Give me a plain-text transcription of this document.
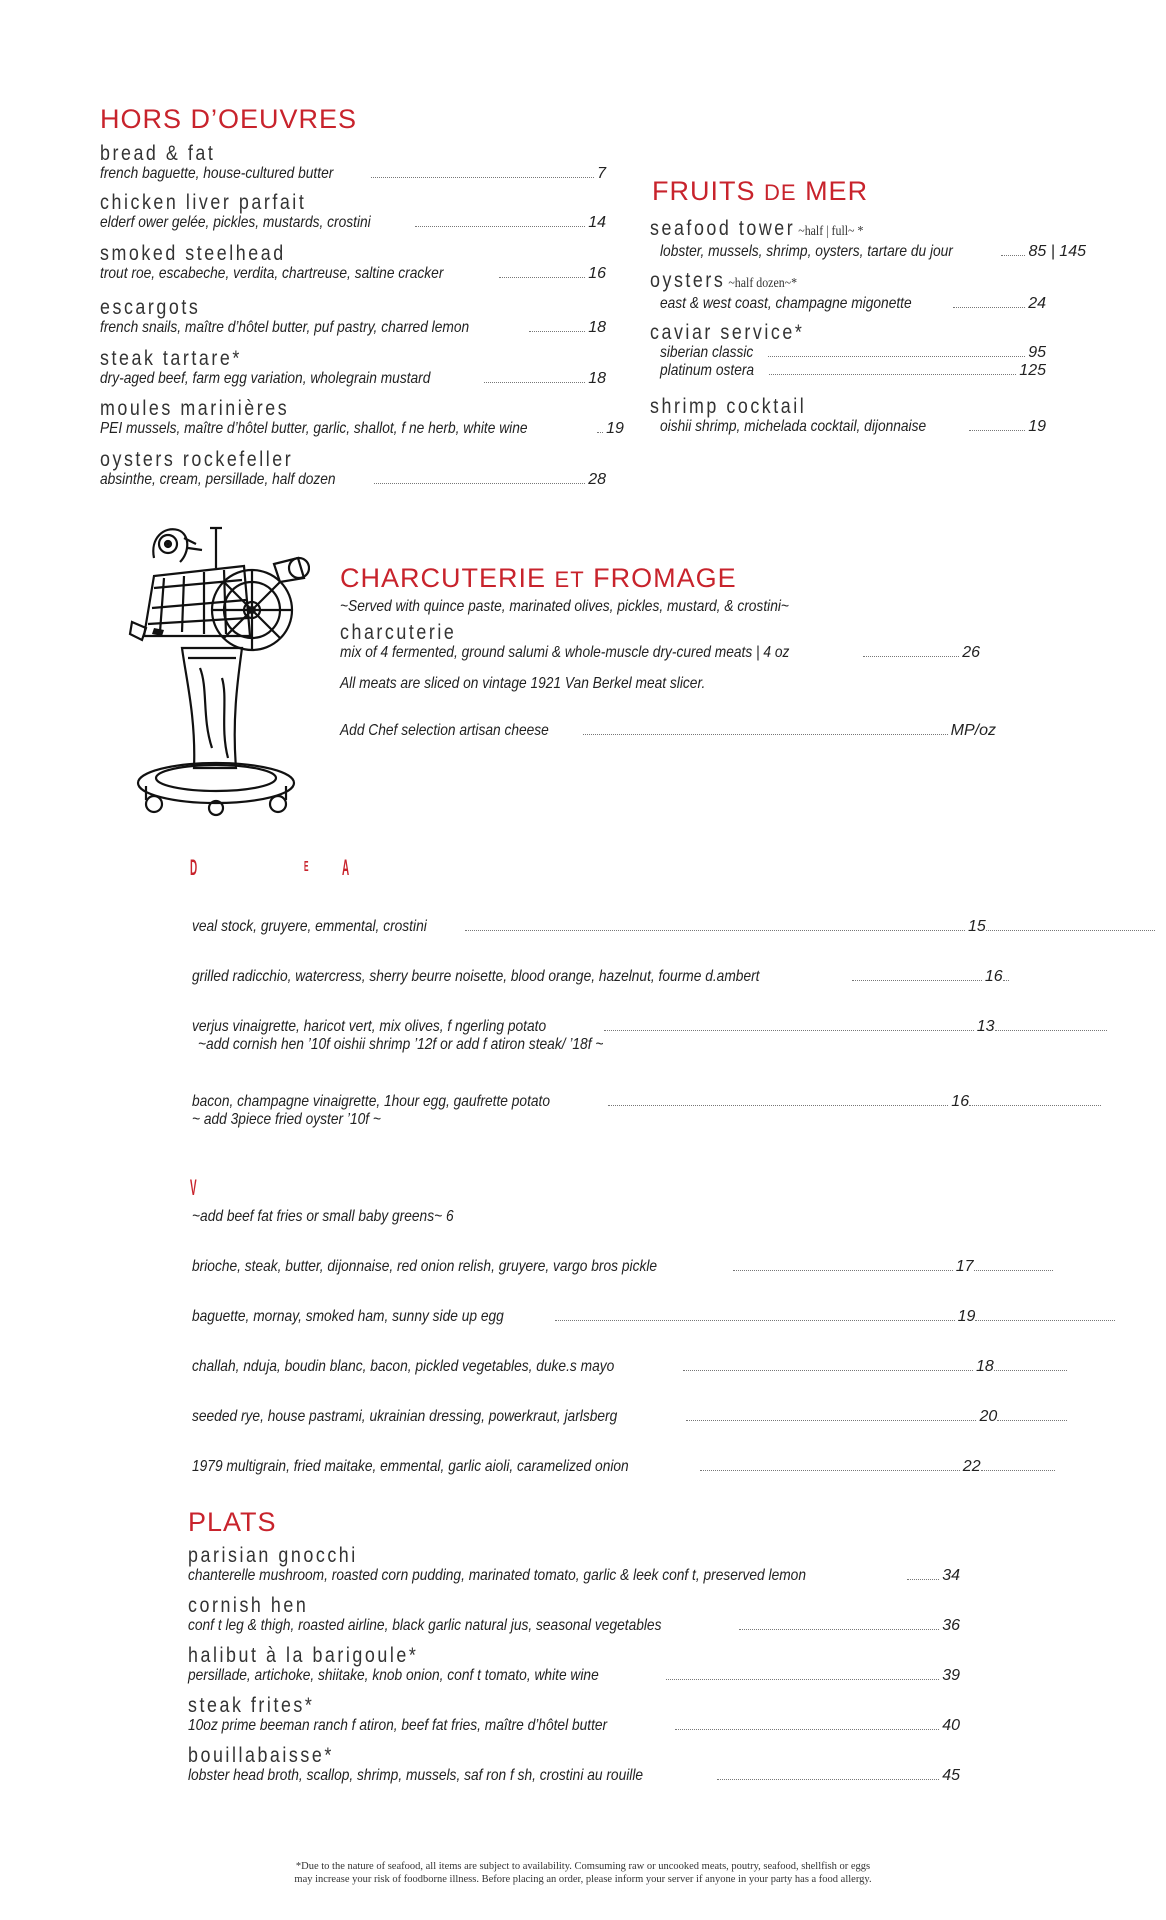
HORS D’OEUVRES
bread & fat
french baguette, house-cultured butter	7
chicken liver parfait
elderf ower gelée, pickles, mustards, crostini	14
smoked steelhead
trout roe, escabeche, verdita, chartreuse, saltine cracker	16
escargots
french snails, maître d’hôtel butter, puf pastry, charred lemon	18
steak tartare*
dry-aged beef, farm egg variation, wholegrain mustard	18
moules marinières
PEI mussels, maître d’hôtel butter, garlic, shallot, f ne herb, white wine	19
oysters rockefeller
absinthe, cream, persillade, half dozen	28
FRUITS DE MER
seafood tower ~half | full~ *
lobster, mussels, shrimp, oysters, tartare du jour	85 | 145
oysters ~half dozen~*
east & west coast, champagne migonette	24
caviar service*
siberian classic	95
platinum ostera	125
shrimp cocktail
oishii shrimp, michelada cocktail, dijonnaise	19
CHARCUTERIE ET FROMAGE
~Served with quince paste, marinated olives, pickles, mustard, & crostini~
charcuterie
mix of 4 fermented, ground salumi & whole-muscle dry-cured meats | 4 oz	26
All meats are sliced on vintage 1921 Van Berkel meat slicer.
Add Chef selection artisan cheese	MP/oz
D	E A
veal stock, gruyere, emmental, crostini	15
grilled radicchio, watercress, sherry beurre noisette, blood orange, hazelnut, fourme d.ambert	16
verjus vinaigrette, haricot vert, mix olives, f ngerling potato	13
~add cornish hen ’10f oishii shrimp ’12f or add f atiron steak/ ’18f ~
bacon, champagne vinaigrette, 1hour egg, gaufrette potato	16
~ add 3piece fried oyster ’10f ~
V
~add beef fat fries or small baby greens~ 6
brioche, steak, butter, dijonnaise, red onion relish, gruyere, vargo bros pickle	17
baguette, mornay, smoked ham, sunny side up egg	19
challah, nduja, boudin blanc, bacon, pickled vegetables, duke.s mayo	18
seeded rye, house pastrami, ukrainian dressing, powerkraut, jarlsberg	20
1979 multigrain, fried maitake, emmental, garlic aioli, caramelized onion	22
PLATS
parisian gnocchi
chanterelle mushroom, roasted corn pudding, marinated tomato, garlic & leek conf t, preserved lemon	34
cornish hen
conf t leg & thigh, roasted airline, black garlic natural jus, seasonal vegetables	36
halibut à la barigoule*
persillade, artichoke, shiitake, knob onion, conf t tomato, white wine	39
steak frites*
10oz prime beeman ranch f atiron, beef fat fries, maître d’hôtel butter	40
bouillabaisse*
lobster head broth, scallop, shrimp, mussels, saf ron f sh, crostini au rouille	45
*Due to the nature of seafood, all items are subject to availability. Comsuming raw or uncooked meats, poutry, seafood, shellfish or eggs
may increase your risk of foodborne illness. Before placing an order, please inform your server if anyone in your party has a food allergy.
